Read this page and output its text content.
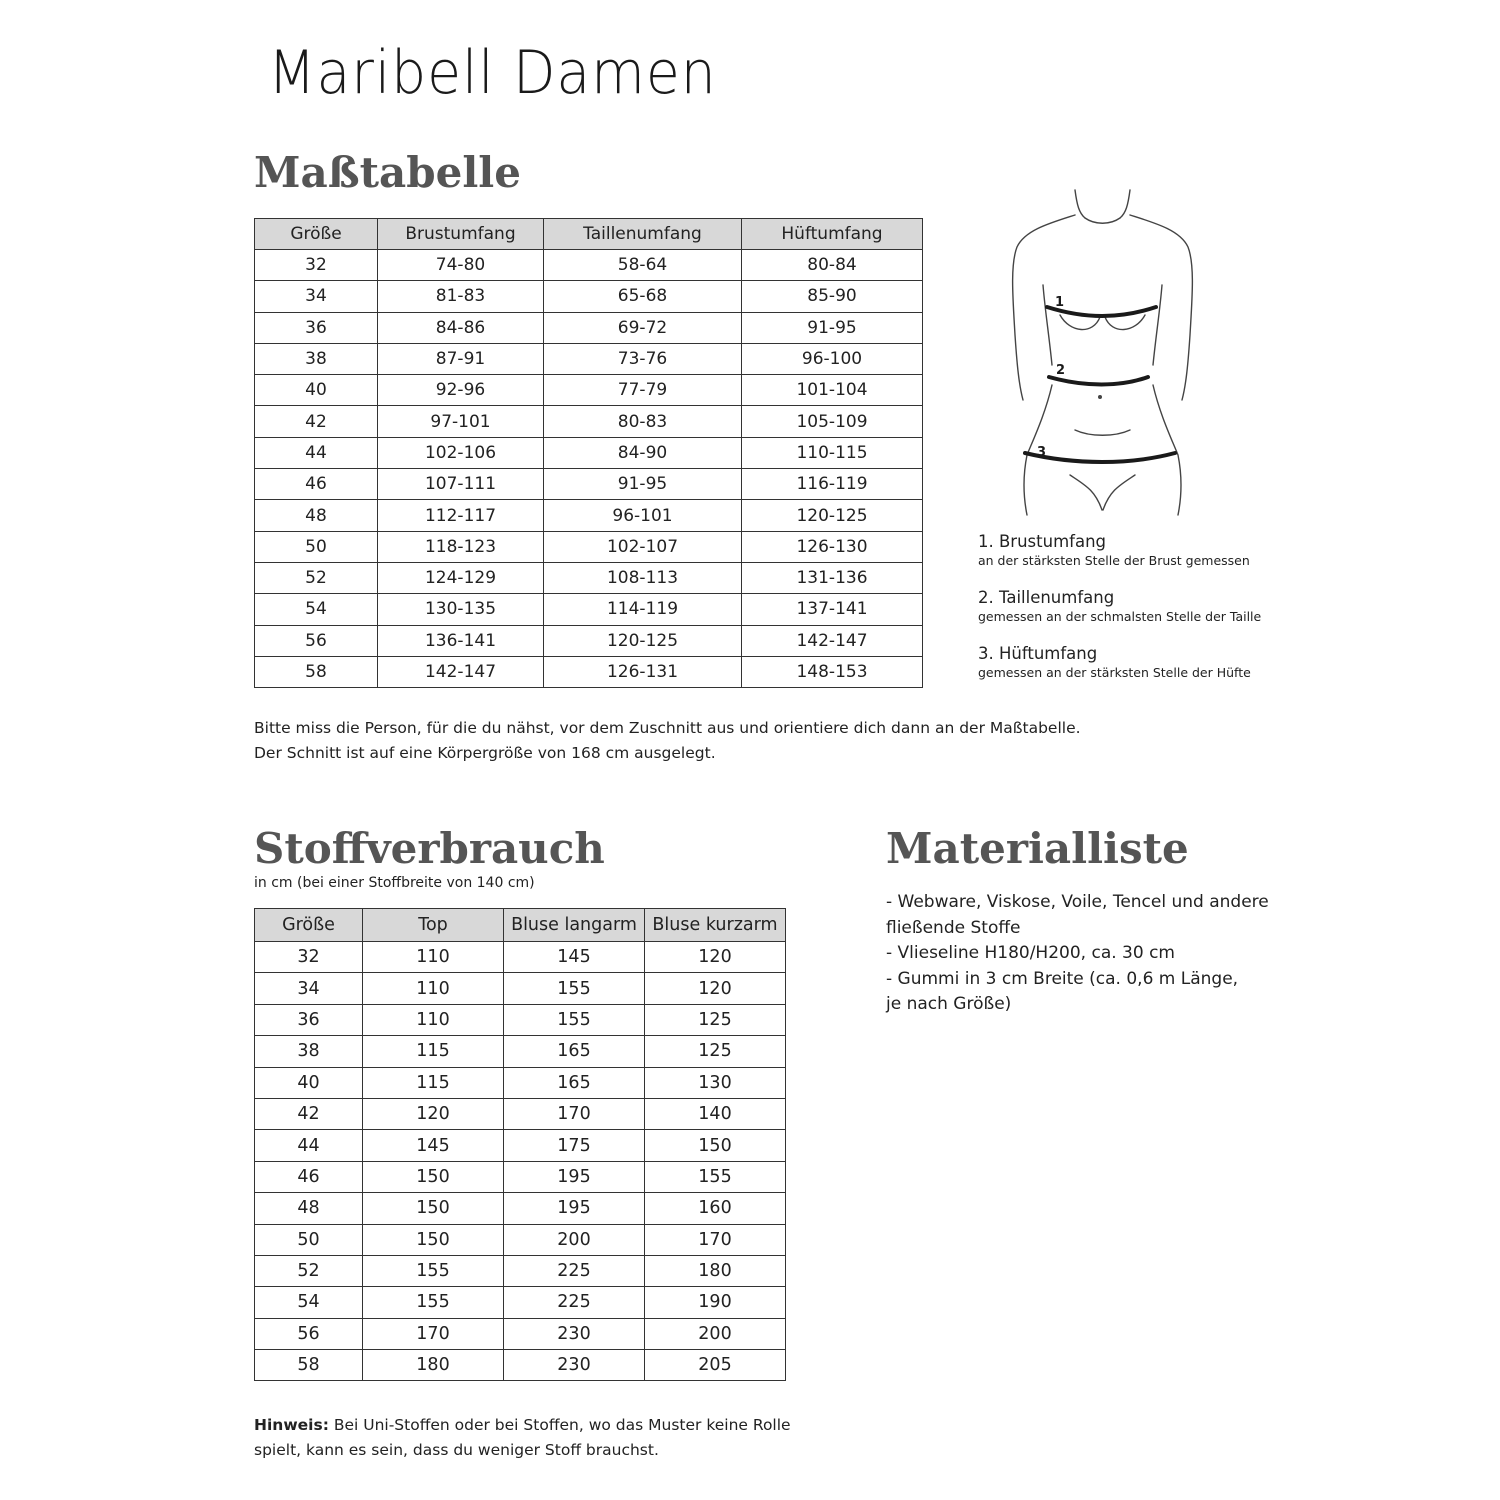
Maribell Damen
Maßtabelle
Größe	Brustumfang	Taillenumfang	Hüftumfang
32	74-80	58-64	80-84
34	81-83	65-68	85-90
36	84-86	69-72	91-95
38	87-91	73-76	96-100
40	92-96	77-79	101-104
42	97-101	80-83	105-109
44	102-106	84-90	110-115
46	107-111	91-95	116-119
48	112-117	96-101	120-125
50	118-123	102-107	126-130
52	124-129	108-113	131-136
54	130-135	114-119	137-141
56	136-141	120-125	142-147
58	142-147	126-131	148-153
1
2
3

1. Brustumfang

an der stärksten Stelle der Brust gemessen

2. Taillenumfang

gemessen an der schmalsten Stelle der Taille

3. Hüftumfang

gemessen an der stärksten Stelle der Hüfte

Bitte miss die Person, für die du nähst, vor dem Zuschnitt aus und orientiere dich dann an der Maßtabelle.

Der Schnitt ist auf eine Körpergröße von 168 cm ausgelegt.

Stoffverbrauch

in cm (bei einer Stoffbreite von 140 cm)

Größe	Top	Bluse langarm	Bluse kurzarm
32	110	145	120
34	110	155	120
36	110	155	125
38	115	165	125
40	115	165	130
42	120	170	140
44	145	175	150
46	150	195	155
48	150	195	160
50	150	200	170
52	155	225	180
54	155	225	190
56	170	230	200
58	180	230	205
Materialliste
- Webware, Viskose, Voile, Tencel und andere
fließende Stoffe
- Vlieseline H180/H200, ca. 30 cm
- Gummi in 3 cm Breite (ca. 0,6 m Länge,
je nach Größe)
Hinweis: Bei Uni-Stoffen oder bei Stoffen, wo das Muster keine Rolle
spielt, kann es sein, dass du weniger Stoff brauchst.
